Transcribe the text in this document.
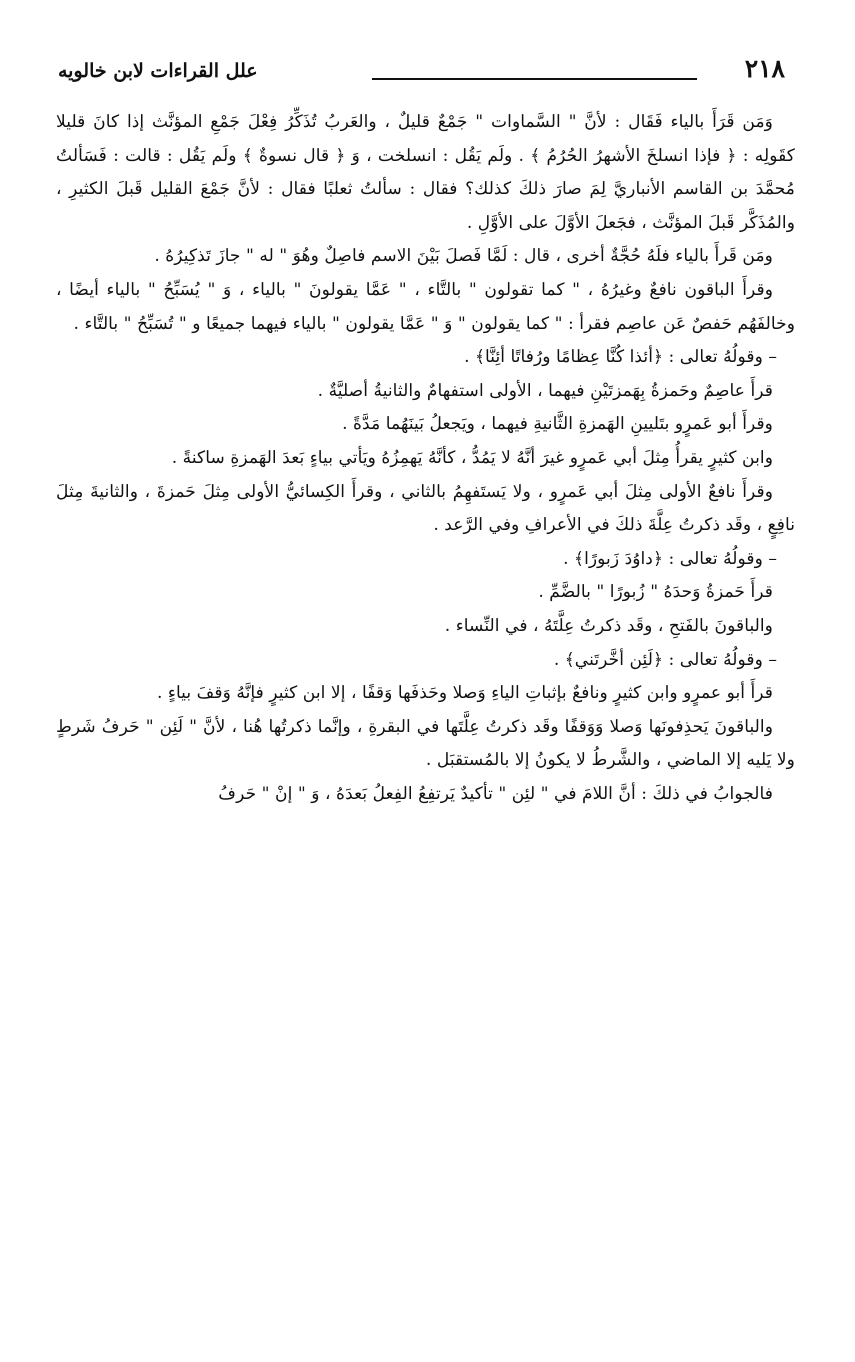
٢١٨
علل القراءات لابن خالويه

وَمَن قَرَأَ بالياء فَقَال : لأنَّ " السَّماوات " جَمْعٌ قليلٌ ، والعَربُ تُذَكِّرُ فِعْلَ جَمْعِ المؤنَّث إذا كانَ قليلا كقَولِه : ﴿ فإذا انسلخَ الأشهرُ الحُرُمُ ﴾ . ولَم يَقُل : انسلخت ، وَ ﴿ قال نسوةٌ ﴾ ولَم يَقُل : قالت : فَسَألتُ مُحمَّدَ بن القاسم الأنباريَّ لِمَ صارَ ذلكَ كذلك؟ فقال : سألتُ ثعلبًا فقال : لأنَّ جَمْعَ القليل قَبلَ الكثيرِ ، والمُذَكَّر قَبلَ المؤنَّث ، فجَعلَ الأوَّلَ على الأوَّلِ .

ومَن قَرأَ بالياء فلَهُ حُجَّةٌ أخرى ، قال : لَمَّا فَصلَ بَيْنَ الاسم فاصِلٌ وهُوَ " له " جازَ تَذكِيرُهُ .

وقرأَ الباقون نافعٌ وغيرُهُ ، " كما تقولون " بالتَّاء ، " عَمَّا يقولونَ " بالياء ، وَ " يُسَبِّحُ " بالياء أيضًا ، وخالفَهُم حَفصٌ عَن عاصِم فقرأ : " كما يقولون " وَ " عَمَّا يقولون " بالياء فيهما جميعًا و " تُسَبِّحُ " بالتَّاء .

– وقولُهُ تعالى : ﴿أئذا كُنَّا عِظامًا ورُفاتًا أئِنَّا﴾ .

قرأَ عاصِمٌ وحَمزةُ بِهَمزتَيْنِ فيهما ، الأولى استفهامٌ والثانيةُ أصليَّةٌ .

وقرأَ أبو عَمرٍو بتَليينِ الهَمزةِ الثَّانيةِ فيهما ، ويَجعلُ بَينَهُما مَدَّةً .

وابن كثيرٍ يقرأُ مِثلَ أبي عَمرٍو غيرَ أنَّهُ لا يَمُدُّ ، كأنَّهُ يَهمِزُهُ ويَأتي بياءٍ بَعدَ الهَمزةِ ساكنةً .

وقرأَ نافعٌ الأولى مِثلَ أبي عَمرٍو ، ولا يَستَفهِمُ بالثاني ، وقرأَ الكِسائيُّ الأولى مِثلَ حَمزةَ ، والثانيةَ مِثلَ نافِعٍ ، وقَد ذكرتُ عِلَّةَ ذلكَ في الأعرافِ وفي الرَّعد .

– وقولُهُ تعالى : ﴿داوُدَ زَبورًا﴾ .

قرأَ حَمزةُ وَحدَهُ " زُبورًا " بالضَّمِّ .

والباقونَ بالفَتحِ ، وقَد ذكرتُ عِلَّتَهُ ، في النِّساء .

– وقولُهُ تعالى : ﴿لَئِن أخَّرتَني﴾ .

قرأَ أبو عمرٍو وابن كثيرٍ ونافعٌ بإثباتِ الياءِ وَصلا وحَذفَها وَقفًا ، إلا ابن كثيرٍ فإنَّهُ وَقفَ بياءٍ .

والباقونَ يَحذِفونَها وَصلا وَوَقفًا وقَد ذكرتُ عِلَّتَها في البقرةِ ، وإنَّما ذكرتُها هُنا ، لأنَّ " لَئِن " حَرفُ شَرطٍ ولا يَليه إلا الماضي ، والشَّرطُ لا يكونُ إلا بالمُستقبَل .

فالجوابُ في ذلكَ : أنَّ اللامَ في " لئِن " تأكيدٌ يَرتفِعُ الفِعلُ بَعدَهُ ، وَ " إنْ " حَرفُ
